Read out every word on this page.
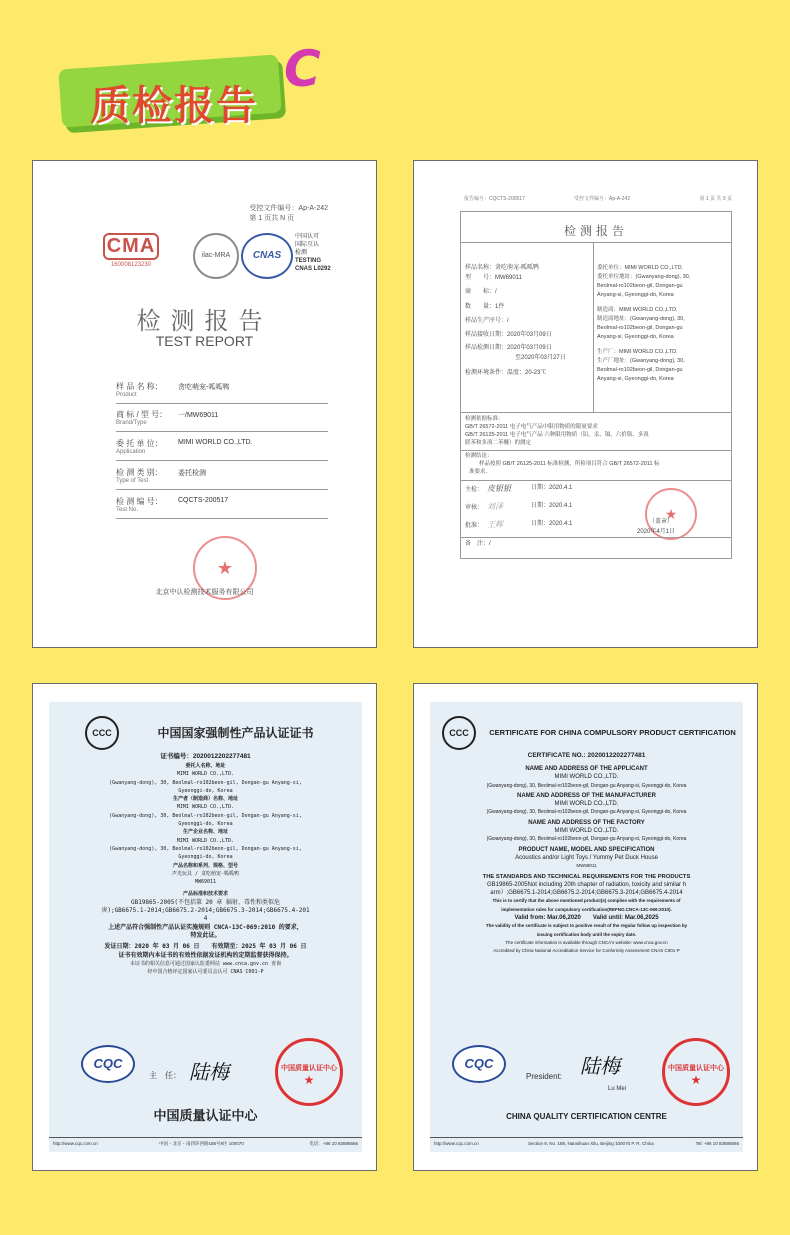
质检报告
C
受控文件编号：Ap-A-242
第 1 页共 N 页
CMA
160008123230
ilac-MRA	CNAS
中国认可
国际互认
检测
TESTING
CNAS L0292
检测报告
TEST REPORT
样 品 名 称：
Product
贪吃萌宠-呱呱鸭
商 标 / 型 号：
Brand/Type
一/MW69011
委 托 单 位：
Application
MIMI WORLD CO.,LTD.
检 测 类 别：
Type of Test
委托检测
检 测 编 号：
Test No.
CQCTS-200517
★
北京中认检测技术服务有限公司
报告编号：CQCTS-200517	受控文件编号：Ap-A-242	第 1 页 共 9 页
检测报告
样品名称：贪吃萌宠-呱呱鸭
型　　号：MW69011
商　　标：/
数　　量：1件
样品生产序号：/
样品接收日期：2020年03月09日
样品检测日期：2020年03月09日
至2020年03月27日
检测环境条件：温度：20-23℃
委托单位：MIMI WORLD CO.,LTD.
委托单位地址：(Gwanyang-dong), 30,
Beolmal-ro102beon-gil, Dongan-gu
Anyang-si, Gyeonggi-do, Korea
制造商：MIMI WORLD CO.,LTD.
制造商地址：(Gwanyang-dong), 30,
Beolmal-ro102beon-gil, Dongan-gu
Anyang-si, Gyeonggi-do, Korea
生产厂：MIMI WORLD CO.,LTD.
生产厂地址：(Gwanyang-dong), 30,
Beolmal-ro102beon-gil, Dongan-gu
Anyang-si, Gyeonggi-do, Korea
检测依据标准：
GB/T 26572-2011 电子电气产品中限用物质的限量要求
GB/T 26125-2011 电子电气产品 六种限用物质（铅、汞、镉、六价铬、多溴
联苯和多溴二苯醚）的测定
检测结论：
样品按照 GB/T 26125-2011 标准检测，所检项目符合 GB/T 26572-2011 标
准要求。
主检： 皮银银	日期：2020.4.1
审核： 刘泽	日期：2020.4.1
批准： 王辉	日期：2020.4.1
★
（盖章）
2020年4月1日
备　注：/
CCC	中国国家强制性产品认证证书
证书编号：2020012202277481
委托人名称、地址
MIMI WORLD CO.,LTD.
(Gwanyang-dong), 30, Beolmal-ro102beon-gil, Dongan-gu Anyang-si,
Gyeonggi-do, Korea
生产者（制造商）名称、地址
MIMI WORLD CO.,LTD.
(Gwanyang-dong), 30, Beolmal-ro102beon-gil, Dongan-gu Anyang-si,
Gyeonggi-do, Korea
生产企业名称、地址
MIMI WORLD CO.,LTD.
(Gwanyang-dong), 30, Beolmal-ro102beon-gil, Dongan-gu Anyang-si,
Gyeonggi-do, Korea
产品名称和系列、规格、型号
声光玩具 / 贪吃萌宠-呱呱鸭
MW69011
产品标准和技术要求
GB19865-2005(不包括第 20 章 辐射、毒性和类似危
害);GB6675.1-2014;GB6675.2-2014;GB6675.3-2014;GB6675.4-201
4
上述产品符合强制性产品认证实施规则 CNCA-13C-069:2010 的要求，
特发此证。
发证日期：2020 年 03 月 06 日　　有效期至：2025 年 03 月 06 日
证书有效期内本证书的有效性依据发证机构的定期监督获得保持。
本证书的相关信息可通过国家认监委网站 www.cnca.gov.cn 查询
经中国合格评定国家认可委员会认可 CNAS C001-P
CQC
主　任： 陆梅	中国质量认证中心
★
中国质量认证中心
http://www.cqc.com.cn	中国・北京・南四环西路188号9区 100070	电话：+86 10 83886666
CCC	CERTIFICATE FOR CHINA COMPULSORY PRODUCT CERTIFICATION
CERTIFICATE NO.: 2020012202277481
NAME AND ADDRESS OF THE APPLICANT
MIMI WORLD CO.,LTD.
(Gwanyang-dong), 30, Beolmal-ro102beon-gil, Dongan-gu Anyang-si, Gyeonggi-do, Korea
NAME AND ADDRESS OF THE MANUFACTURER
MIMI WORLD CO.,LTD.
(Gwanyang-dong), 30, Beolmal-ro102beon-gil, Dongan-gu Anyang-si, Gyeonggi-do, Korea
NAME AND ADDRESS OF THE FACTORY
MIMI WORLD CO.,LTD.
(Gwanyang-dong), 30, Beolmal-ro102beon-gil, Dongan-gu Anyang-si, Gyeonggi-do, Korea
PRODUCT NAME, MODEL AND SPECIFICATION
Acoustics and/or Light Toys / Yummy Pet Duck House
MW69011
THE STANDARDS AND TECHNICAL REQUIREMENTS FOR THE PRODUCTS
GB19865-2005Not including 20th chapter of radiation, toxicity and similar h
arm）;GB6675.1-2014;GB6675.2-2014;GB6675.3-2014;GB6675.4-2014
This is to certify that the above mentioned product(s) complies with the requirements of
implementation rules for compulsory certification(REFNO.CNCA-13C-069:2010).
Valid from: Mar.06,2020　　Valid until: Mar.06,2025
The validity of the certificate is subject to positive result of the regular follow up inspection by
issuing certification body until the expiry date.
The certificate information is available through CNCA's website: www.cnca.gov.cn
Accredited by China National Accreditation Service for Conformity Assessment CNAS C001-P
CQC
President: 陆梅
Lu Mei
中国质量认证中心
★
CHINA QUALITY CERTIFICATION CENTRE
http://www.cqc.com.cn	Section 9, No. 188, Nansihuan Xilu, Beijing 100070 P. R. China	Tel: +86 10 83886666
